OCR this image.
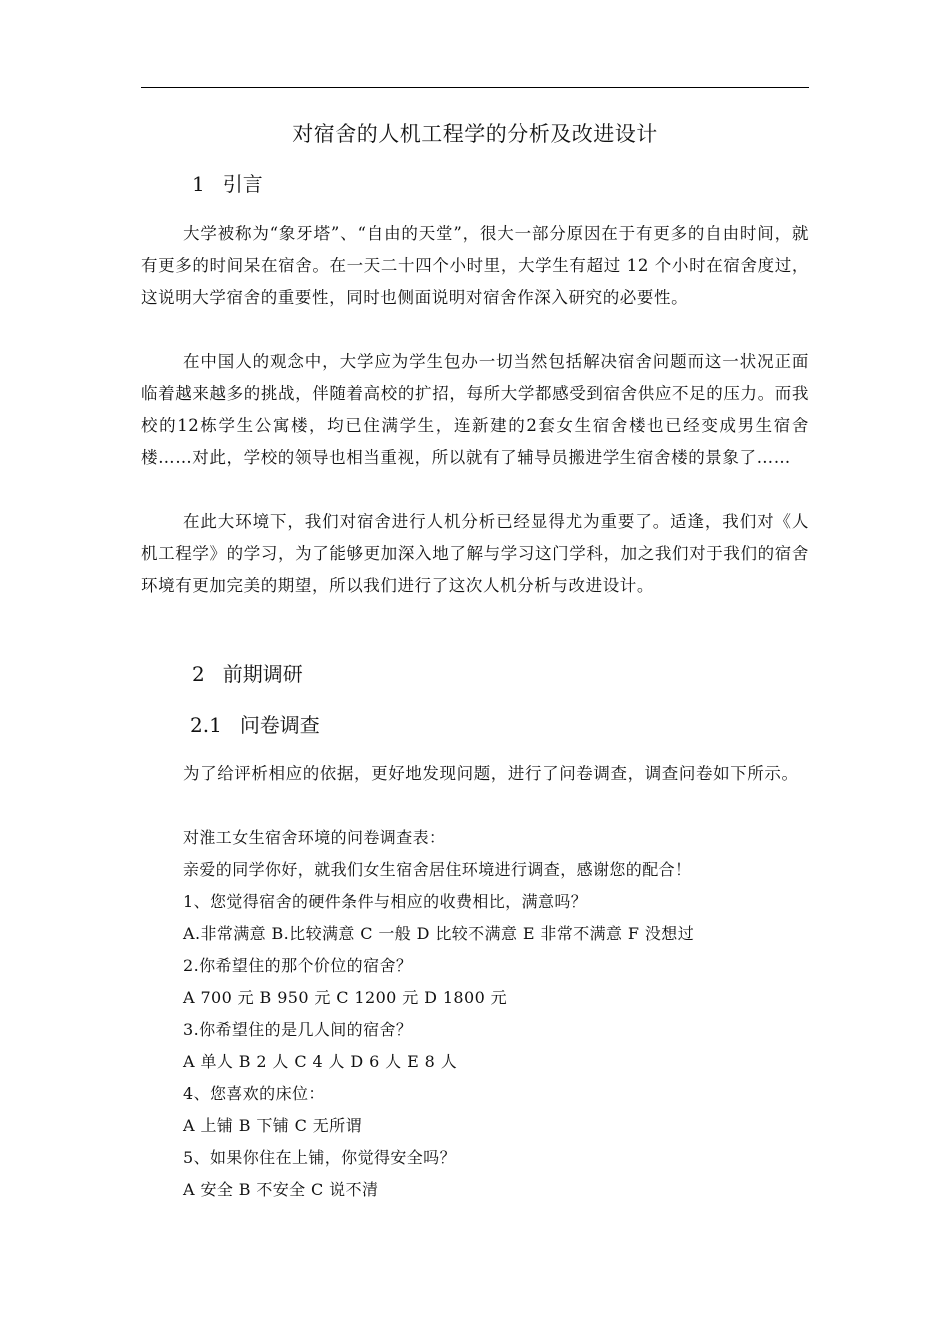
对宿舍的人机工程学的分析及改进设计
1 引言

大学被称为“象牙塔”、“自由的天堂”，很大一部分原因在于有更多的自由时间，就有更多的时间呆在宿舍。在一天二十四个小时里，大学生有超过 12 个小时在宿舍度过，这说明大学宿舍的重要性，同时也侧面说明对宿舍作深入研究的必要性。

在中国人的观念中，大学应为学生包办一切当然包括解决宿舍问题而这一状况正面临着越来越多的挑战，伴随着高校的扩招，每所大学都感受到宿舍供应不足的压力。而我校的12栋学生公寓楼，均已住满学生，连新建的2套女生宿舍楼也已经变成男生宿舍楼……对此，学校的领导也相当重视，所以就有了辅导员搬进学生宿舍楼的景象了……

在此大环境下，我们对宿舍进行人机分析已经显得尤为重要了。适逢，我们对《人机工程学》的学习，为了能够更加深入地了解与学习这门学科，加之我们对于我们的宿舍环境有更加完美的期望，所以我们进行了这次人机分析与改进设计。

2 前期调研
2.1 问卷调查

为了给评析相应的依据，更好地发现问题，进行了问卷调查，调查问卷如下所示。

对淮工女生宿舍环境的问卷调查表：
亲爱的同学你好，就我们女生宿舍居住环境进行调查，感谢您的配合！
1、您觉得宿舍的硬件条件与相应的收费相比，满意吗？
A.非常满意 B.比较满意 C 一般 D 比较不满意 E 非常不满意 F 没想过
2.你希望住的那个价位的宿舍？
A 700 元 B 950 元 C 1200 元 D 1800 元
3.你希望住的是几人间的宿舍？
A 单人 B 2 人 C 4 人 D 6 人 E 8 人
4、您喜欢的床位：
A 上铺 B 下铺 C 无所谓
5、如果你住在上铺，你觉得安全吗？
A 安全 B 不安全 C 说不清
